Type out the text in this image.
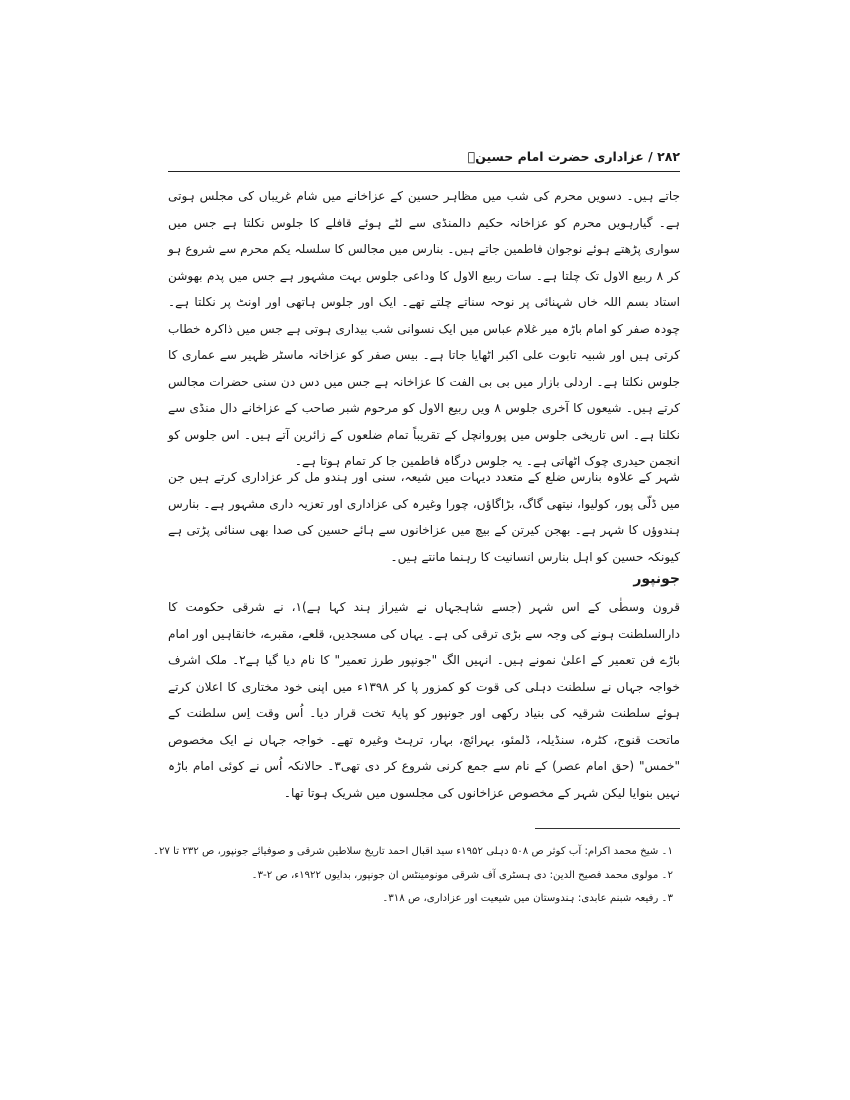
۲۸۲ / عزاداری حضرت امام حسینؑ

جاتے ہیں۔ دسویں محرم کی شب میں مظاہر حسین کے عزاخانے میں شام غریباں کی مجلس ہوتی ہے۔ گیارہویں محرم کو عزاخانہ حکیم دالمنڈی سے لٹے ہوئے قافلے کا جلوس نکلتا ہے جس میں سواری پڑھتے ہوئے نوجوان فاطمین جاتے ہیں۔ بنارس میں مجالس کا سلسلہ یکم محرم سے شروع ہو کر ۸ ربیع الاول تک چلتا ہے۔ سات ربیع الاول کا وداعی جلوس بہت مشہور ہے جس میں پدم بھوشن استاد بسم اللہ خاں شہنائی پر نوحہ سناتے چلتے تھے۔ ایک اور جلوس ہاتھی اور اونٹ پر نکلتا ہے۔ چودہ صفر کو امام باڑہ میر غلام عباس میں ایک نسوانی شب بیداری ہوتی ہے جس میں ذاکرہ خطاب کرتی ہیں اور شبیہ تابوت علی اکبر اٹھایا جاتا ہے۔ بیس صفر کو عزاخانہ ماسٹر ظہیر سے عماری کا جلوس نکلتا ہے۔ اردلی بازار میں بی بی الفت کا عزاخانہ ہے جس میں دس دن سنی حضرات مجالس کرتے ہیں۔ شیعوں کا آخری جلوس ۸ ویں ربیع الاول کو مرحوم شبر صاحب کے عزاخانے دال منڈی سے نکلتا ہے۔ اس تاریخی جلوس میں پوروانچل کے تقریباً تمام ضلعوں کے زائرین آتے ہیں۔ اس جلوس کو انجمن حیدری چوک اٹھاتی ہے۔ یہ جلوس درگاہ فاطمین جا کر تمام ہوتا ہے۔

شہر کے علاوہ بنارس ضلع کے متعدد دیہات میں شیعہ، سنی اور ہندو مل کر عزاداری کرتے ہیں جن میں ڈلّی پور، کولیوا، نیتھی گاگ، بڑاگاؤں، چورا وغیرہ کی عزاداری اور تعزیہ داری مشہور ہے۔ بنارس ہندوؤں کا شہر ہے۔ بھجن کیرتن کے بیچ میں عزاخانوں سے ہائے حسین کی صدا بھی سنائی پڑتی ہے کیونکہ حسین کو اہل بنارس انسانیت کا رہنما مانتے ہیں۔

جونپور

قرون وسطٰی کے اس شہر (جسے شاہجہاں نے شیراز ہند کہا ہے)۱، نے شرقی حکومت کا دارالسلطنت ہونے کی وجہ سے بڑی ترقی کی ہے۔ یہاں کی مسجدیں، قلعے، مقبرے، خانقاہیں اور امام باڑے فن تعمیر کے اعلیٰ نمونے ہیں۔ انہیں الگ "جونپور طرز تعمیر" کا نام دیا گیا ہے۲۔ ملک اشرف خواجہ جہاں نے سلطنت دہلی کی قوت کو کمزور پا کر ۱۳۹۸ء میں اپنی خود مختاری کا اعلان کرتے ہوئے سلطنت شرقیہ کی بنیاد رکھی اور جونپور کو پایۂ تخت قرار دیا۔ اُس وقت اِس سلطنت کے ماتحت قنوج، کٹرہ، سنڈیلہ، ڈلمئو، بہرائچ، بہار، ترہٹ وغیرہ تھے۔ خواجہ جہاں نے ایک مخصوص "خمس" (حق امام عصر) کے نام سے جمع کرنی شروع کر دی تھی۳۔ حالانکہ اُس نے کوئی امام باڑہ نہیں بنوایا لیکن شہر کے مخصوص عزاخانوں کی مجلسوں میں شریک ہوتا تھا۔

۱۔ شیخ محمد اکرام: آب کوثر ص ۵۰۸ دہلی ۱۹۵۲ء سید اقبال احمد تاریخ سلاطین شرقی و صوفیائے جونپور، ص ۲۳۲ تا ۲۷۔
۲۔ مولوی محمد فصیح الدین: دی ہسٹری آف شرقی مونومینٹس ان جونپور، بدایوں ۱۹۲۲ء، ص ۲-۳۔
۳۔ رفیعہ شبنم عابدی: ہندوستان میں شیعیت اور عزاداری، ص ۳۱۸۔
